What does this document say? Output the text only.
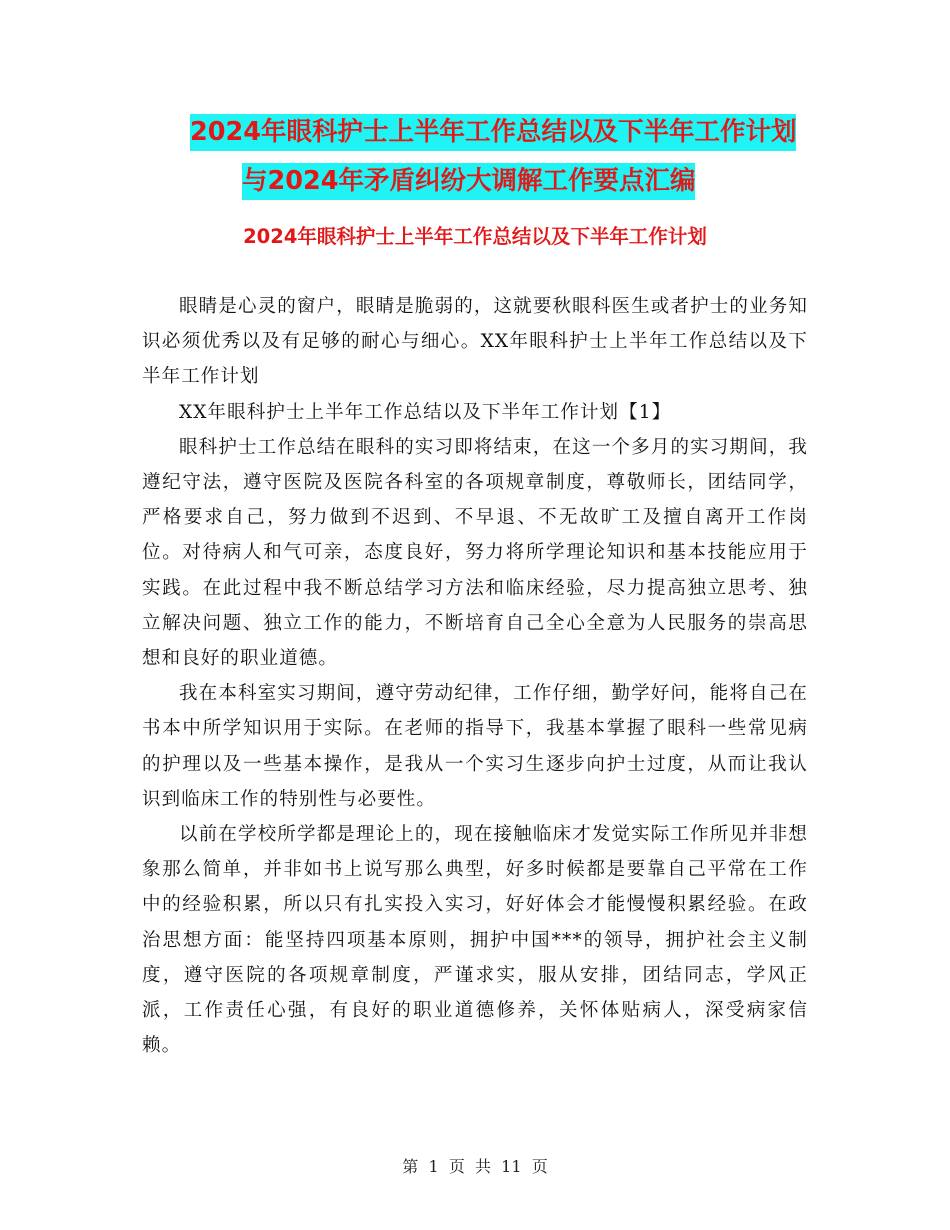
2024年眼科护士上半年工作总结以及下半年工作计划
与2024年矛盾纠纷大调解工作要点汇编
2024年眼科护士上半年工作总结以及下半年工作计划

眼睛是心灵的窗户，眼睛是脆弱的，这就要秋眼科医生或者护士的业务知识必须优秀以及有足够的耐心与细心。XX年眼科护士上半年工作总结以及下半年工作计划

XX年眼科护士上半年工作总结以及下半年工作计划【1】

眼科护士工作总结在眼科的实习即将结束，在这一个多月的实习期间，我遵纪守法，遵守医院及医院各科室的各项规章制度，尊敬师长，团结同学，严格要求自己，努力做到不迟到、不早退、不无故旷工及擅自离开工作岗位。对待病人和气可亲，态度良好，努力将所学理论知识和基本技能应用于实践。在此过程中我不断总结学习方法和临床经验，尽力提高独立思考、独立解决问题、独立工作的能力，不断培育自己全心全意为人民服务的崇高思想和良好的职业道德。

我在本科室实习期间，遵守劳动纪律，工作仔细，勤学好问，能将自己在书本中所学知识用于实际。在老师的指导下，我基本掌握了眼科一些常见病的护理以及一些基本操作，是我从一个实习生逐步向护士过度，从而让我认识到临床工作的特别性与必要性。

以前在学校所学都是理论上的，现在接触临床才发觉实际工作所见并非想象那么简单，并非如书上说写那么典型，好多时候都是要靠自己平常在工作中的经验积累，所以只有扎实投入实习，好好体会才能慢慢积累经验。在政治思想方面：能坚持四项基本原则，拥护中国***的领导，拥护社会主义制度，遵守医院的各项规章制度，严谨求实，服从安排，团结同志，学风正派，工作责任心强，有良好的职业道德修养，关怀体贴病人，深受病家信赖。

第  1  页  共  11  页
